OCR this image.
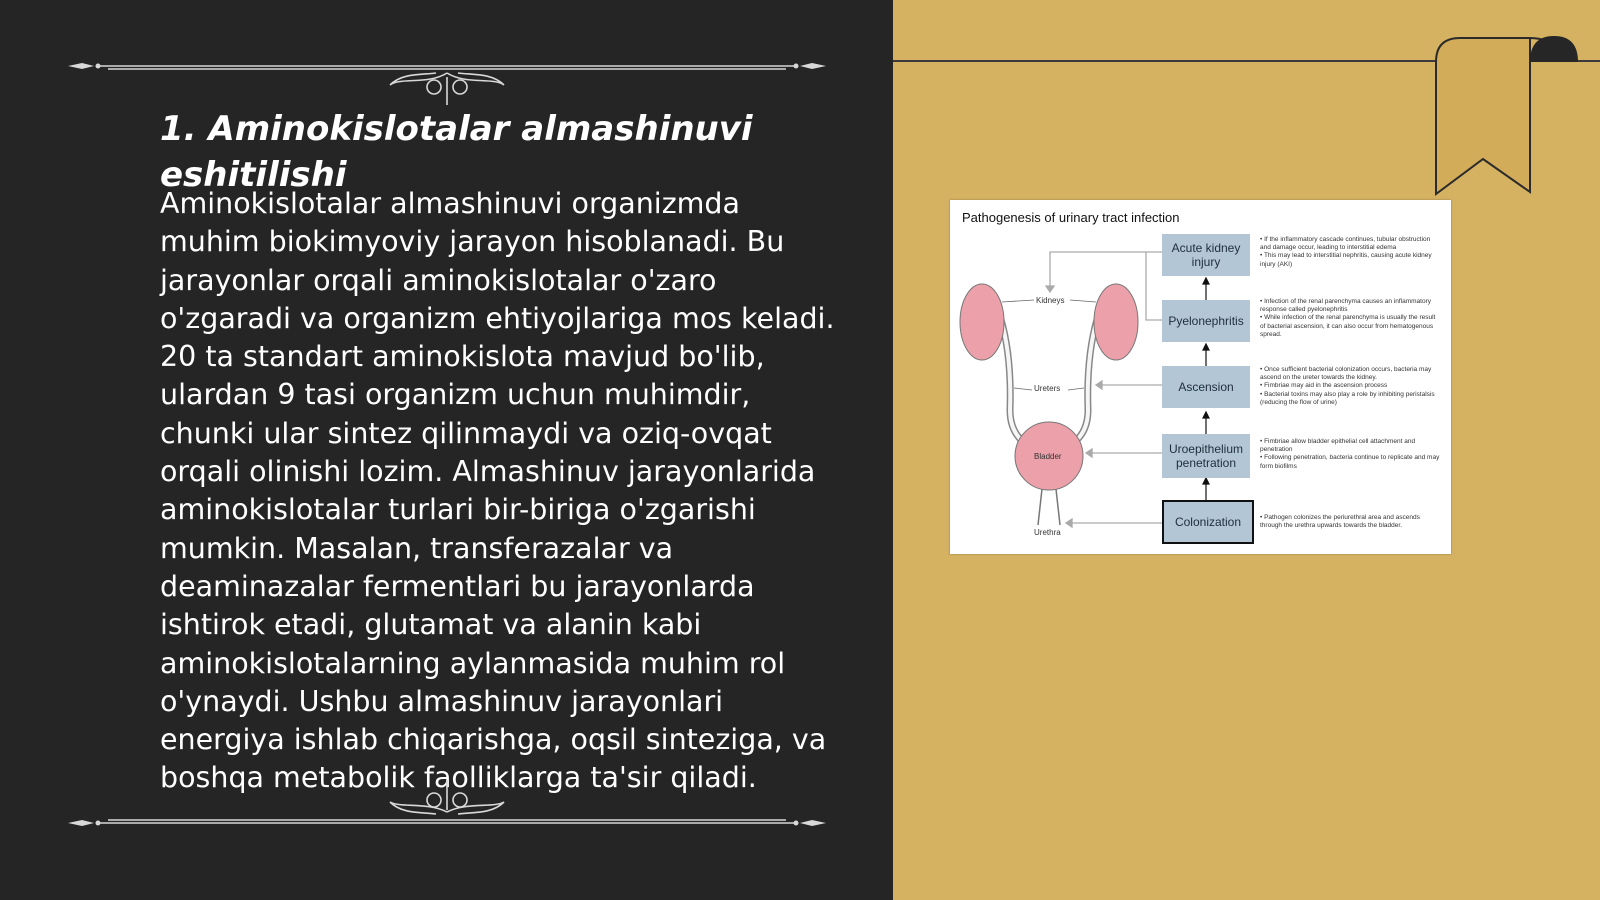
1. Aminokislotalar almashinuvi eshitilishi

Aminokislotalar almashinuvi organizmda muhim biokimyoviy jarayon hisoblanadi. Bu jarayonlar orqali aminokislotalar o'zaro o'zgaradi va organizm ehtiyojlariga mos keladi. 20 ta standart aminokislota mavjud bo'lib, ulardan 9 tasi organizm uchun muhimdir, chunki ular sintez qilinmaydi va oziq-ovqat orqali olinishi lozim. Almashinuv jarayonlarida aminokislotalar turlari bir-biriga o'zgarishi mumkin. Masalan, transferazalar va deaminazalar fermentlari bu jarayonlarda ishtirok etadi, glutamat va alanin kabi aminokislotalarning aylanmasida muhim rol o'ynaydi. Ushbu almashinuv jarayonlari energiya ishlab chiqarishga, oqsil sinteziga, va boshqa metabolik faolliklarga ta'sir qiladi.

Pathogenesis of urinary tract infection
Kidneys
Ureters
Bladder
Urethra
Acute kidney injury
Pyelonephritis
Ascension
Uroepithelium penetration
Colonization
• If the inflammatory cascade continues, tubular obstruction and damage occur, leading to interstitial edema
• This may lead to interstitial nephritis, causing acute kidney injury (AKI)
• Infection of the renal parenchyma causes an inflammatory response called pyelonephritis
• While infection of the renal parenchyma is usually the result of bacterial ascension, it can also occur from hematogenous spread.
• Once sufficient bacterial colonization occurs, bacteria may ascend on the ureter towards the kidney.
• Fimbriae may aid in the ascension process
• Bacterial toxins may also play a role by inhibiting peristalsis (reducing the flow of urine)
• Fimbriae allow bladder epithelial cell attachment and penetration
• Following penetration, bacteria continue to replicate and may form biofilms
• Pathogen colonizes the periurethral area and ascends through the urethra upwards towards the bladder.
